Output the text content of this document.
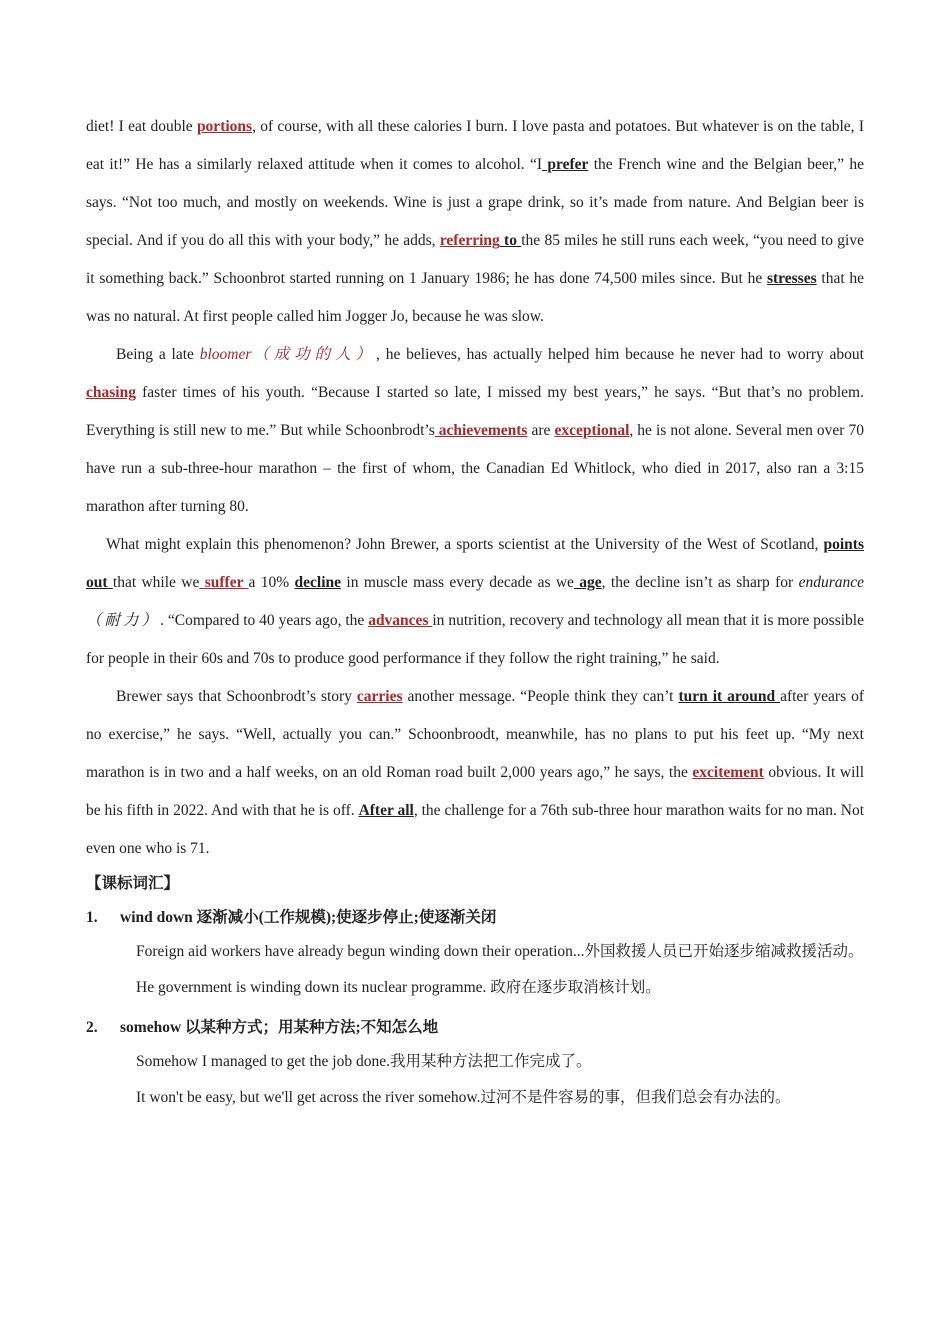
diet! I eat double portions, of course, with all these calories I burn. I love pasta and potatoes. But whatever is on the table, I eat it!” He has a similarly relaxed attitude when it comes to alcohol. “I prefer the French wine and the Belgian beer,” he says. “Not too much, and mostly on weekends. Wine is just a grape drink, so it’s made from nature. And Belgian beer is special. And if you do all this with your body,” he adds, referring to the 85 miles he still runs each week, “you need to give it something back.” Schoonbrot started running on 1 January 1986; he has done 74,500 miles since. But he stresses that he was no natural. At first people called him Jogger Jo, because he was slow.

Being a late bloomer（成功的人）, he believes, has actually helped him because he never had to worry about chasing faster times of his youth. “Because I started so late, I missed my best years,” he says. “But that’s no problem. Everything is still new to me.” But while Schoonbrodt’s achievements are exceptional, he is not alone. Several men over 70 have run a sub-three-hour marathon – the first of whom, the Canadian Ed Whitlock, who died in 2017, also ran a 3:15 marathon after turning 80.

What might explain this phenomenon? John Brewer, a sports scientist at the University of the West of Scotland, points out that while we suffer a 10% decline in muscle mass every decade as we age, the decline isn’t as sharp for endurance（耐力）. “Compared to 40 years ago, the advances in nutrition, recovery and technology all mean that it is more possible for people in their 60s and 70s to produce good performance if they follow the right training,” he said.

Brewer says that Schoonbrodt’s story carries another message. “People think they can’t turn it around after years of no exercise,” he says. “Well, actually you can.” Schoonbroodt, meanwhile, has no plans to put his feet up. “My next marathon is in two and a half weeks, on an old Roman road built 2,000 years ago,” he says, the excitement obvious. It will be his fifth in 2022. And with that he is off. After all, the challenge for a 76th sub-three hour marathon waits for no man. Not even one who is 71.

【课标词汇】
1.	wind down 逐渐减小(工作规模);使逐步停止;使逐渐关闭

Foreign aid workers have already begun winding down their operation...外国救援人员已开始逐步缩减救援活动。

He government is winding down its nuclear programme. 政府在逐步取消核计划。

2.	somehow 以某种方式；用某种方法;不知怎么地

Somehow I managed to get the job done.我用某种方法把工作完成了。

It won't be easy, but we'll get across the river somehow.过河不是件容易的事，但我们总会有办法的。
